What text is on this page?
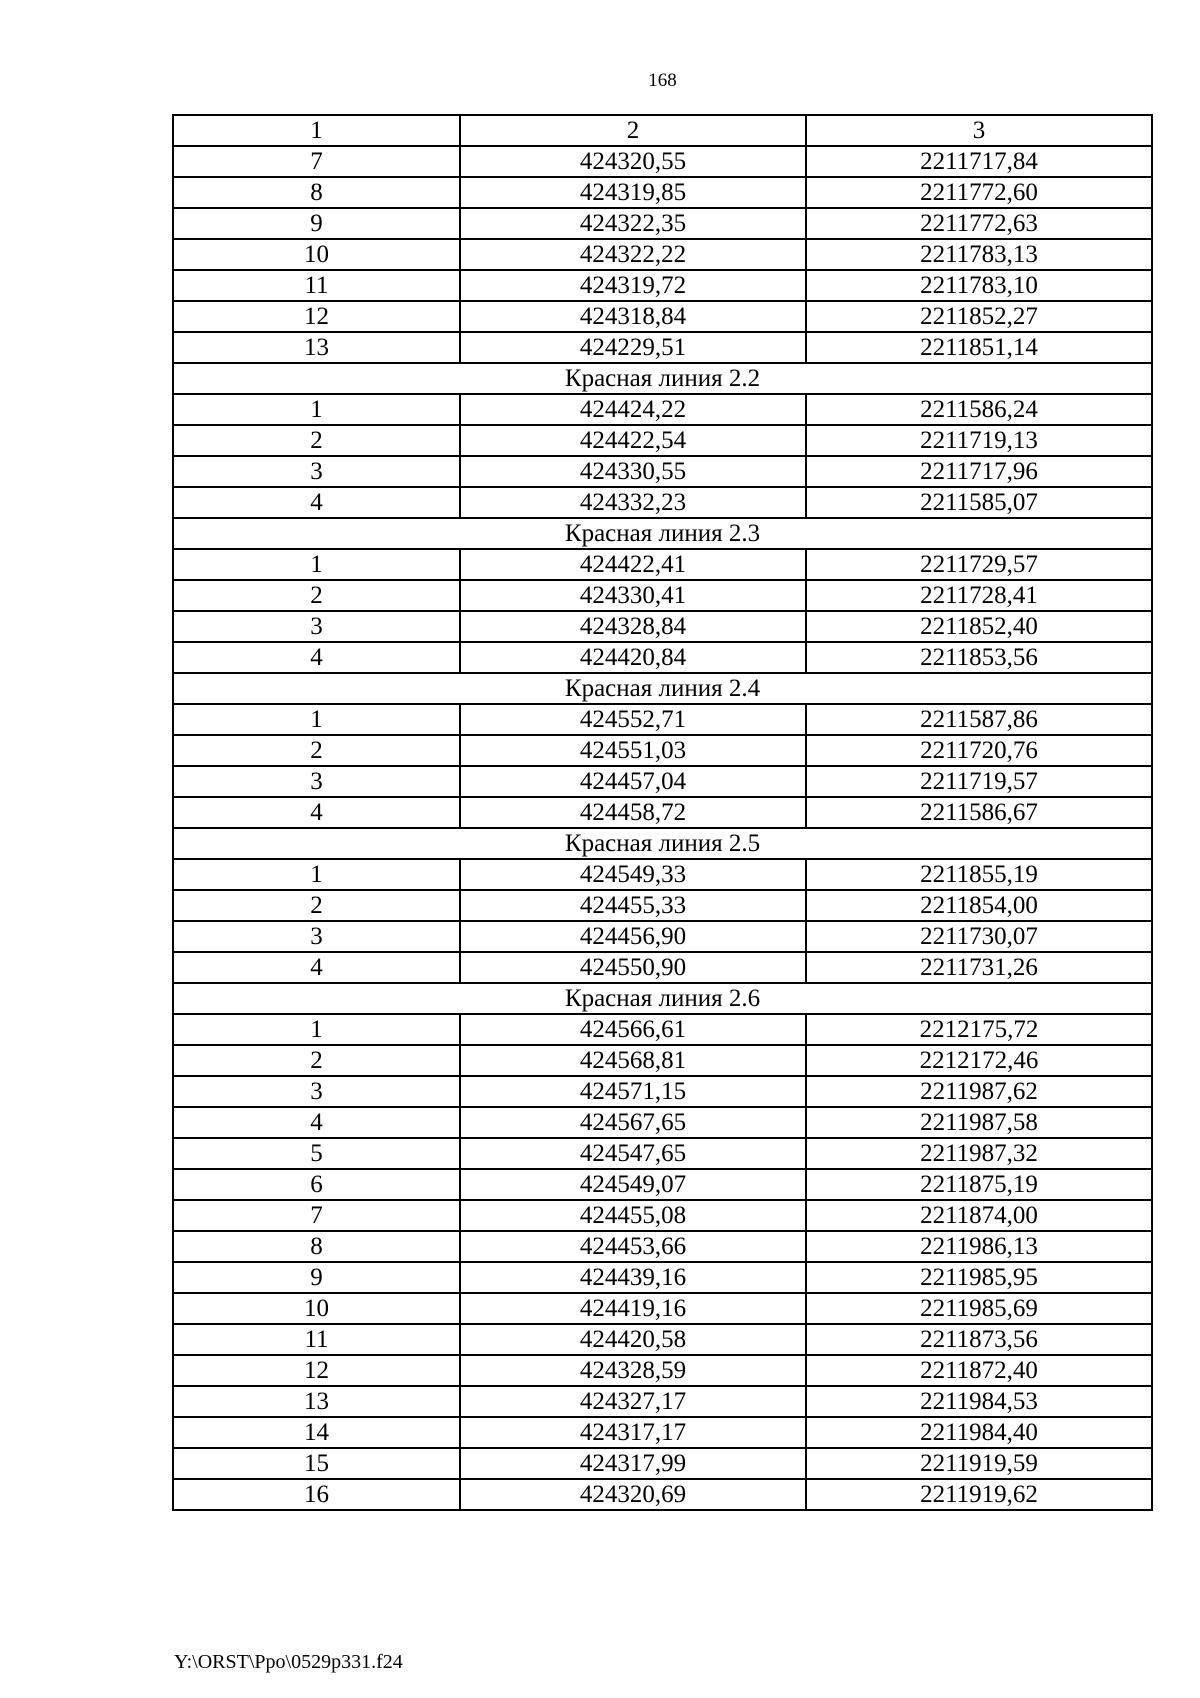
168
1	2	3
7	424320,55	2211717,84
8	424319,85	2211772,60
9	424322,35	2211772,63
10	424322,22	2211783,13
11	424319,72	2211783,10
12	424318,84	2211852,27
13	424229,51	2211851,14
Красная линия 2.2		
1	424424,22	2211586,24
2	424422,54	2211719,13
3	424330,55	2211717,96
4	424332,23	2211585,07
Красная линия 2.3		
1	424422,41	2211729,57
2	424330,41	2211728,41
3	424328,84	2211852,40
4	424420,84	2211853,56
Красная линия 2.4		
1	424552,71	2211587,86
2	424551,03	2211720,76
3	424457,04	2211719,57
4	424458,72	2211586,67
Красная линия 2.5		
1	424549,33	2211855,19
2	424455,33	2211854,00
3	424456,90	2211730,07
4	424550,90	2211731,26
Красная линия 2.6		
1	424566,61	2212175,72
2	424568,81	2212172,46
3	424571,15	2211987,62
4	424567,65	2211987,58
5	424547,65	2211987,32
6	424549,07	2211875,19
7	424455,08	2211874,00
8	424453,66	2211986,13
9	424439,16	2211985,95
10	424419,16	2211985,69
11	424420,58	2211873,56
12	424328,59	2211872,40
13	424327,17	2211984,53
14	424317,17	2211984,40
15	424317,99	2211919,59
16	424320,69	2211919,62
Y:\ORST\Ppo\0529p331.f24
